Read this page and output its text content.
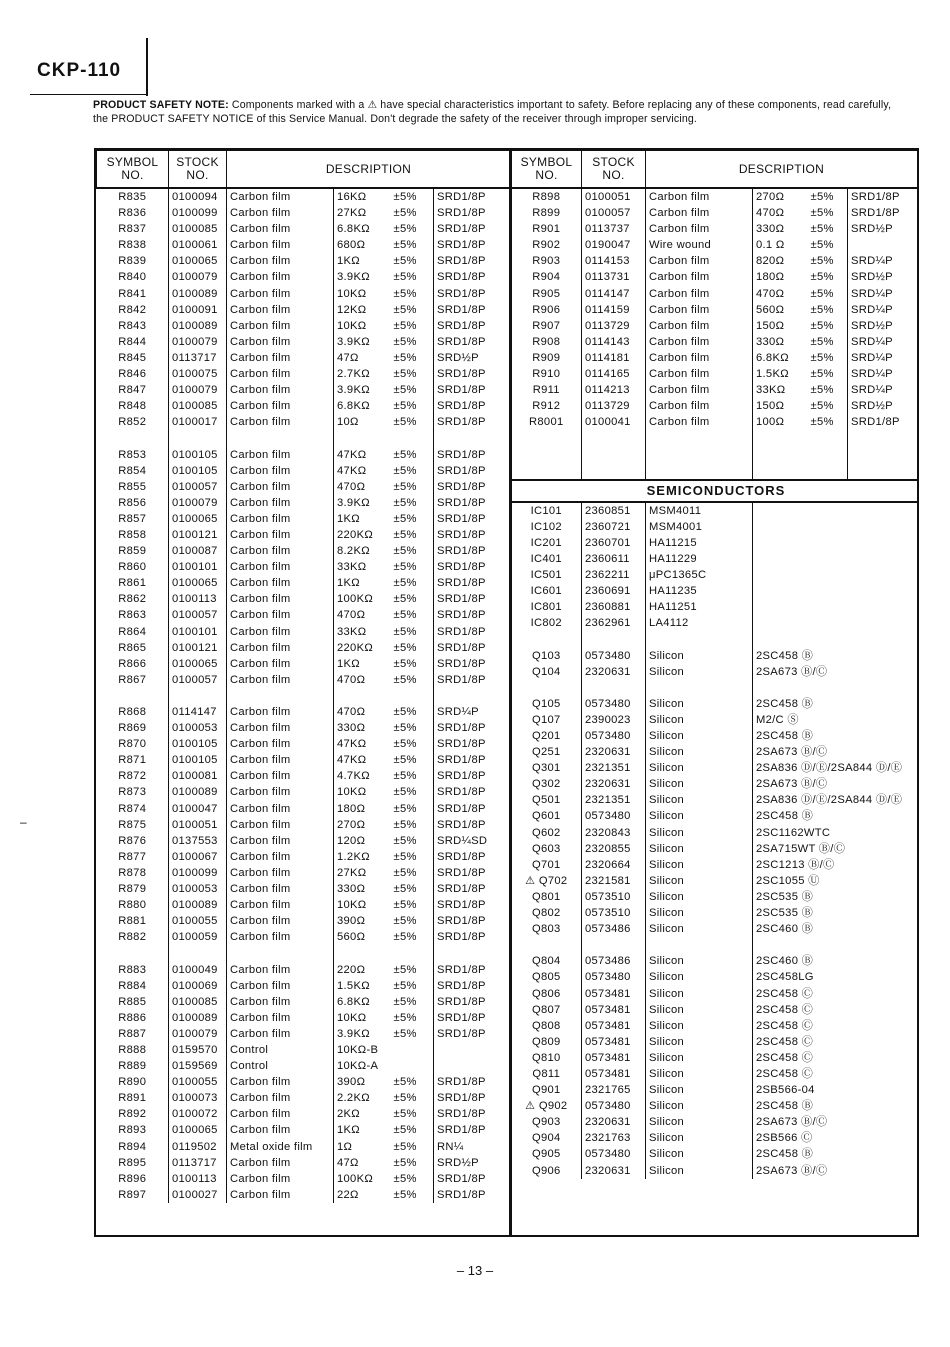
CKP-110
PRODUCT SAFETY NOTE: Components marked with a ⚠ have special characteristics important to safety. Before replacing any of these components, read carefully, the PRODUCT SAFETY NOTICE of this Service Manual. Don't degrade the safety of the receiver through improper servicing.
–
SYMBOL NO.	STOCK NO.	DESCRIPTION			
R835	0100094	Carbon film	16KΩ	±5%	SRD1/8P
R836	0100099	Carbon film	27KΩ	±5%	SRD1/8P
R837	0100085	Carbon film	6.8KΩ	±5%	SRD1/8P
R838	0100061	Carbon film	680Ω	±5%	SRD1/8P
R839	0100065	Carbon film	1KΩ	±5%	SRD1/8P
R840	0100079	Carbon film	3.9KΩ	±5%	SRD1/8P
R841	0100089	Carbon film	10KΩ	±5%	SRD1/8P
R842	0100091	Carbon film	12KΩ	±5%	SRD1/8P
R843	0100089	Carbon film	10KΩ	±5%	SRD1/8P
R844	0100079	Carbon film	3.9KΩ	±5%	SRD1/8P
R845	0113717	Carbon film	47Ω	±5%	SRD½P
R846	0100075	Carbon film	2.7KΩ	±5%	SRD1/8P
R847	0100079	Carbon film	3.9KΩ	±5%	SRD1/8P
R848	0100085	Carbon film	6.8KΩ	±5%	SRD1/8P
R852	0100017	Carbon film	10Ω	±5%	SRD1/8P

R853	0100105	Carbon film	47KΩ	±5%	SRD1/8P
R854	0100105	Carbon film	47KΩ	±5%	SRD1/8P
R855	0100057	Carbon film	470Ω	±5%	SRD1/8P
R856	0100079	Carbon film	3.9KΩ	±5%	SRD1/8P
R857	0100065	Carbon film	1KΩ	±5%	SRD1/8P
R858	0100121	Carbon film	220KΩ	±5%	SRD1/8P
R859	0100087	Carbon film	8.2KΩ	±5%	SRD1/8P
R860	0100101	Carbon film	33KΩ	±5%	SRD1/8P
R861	0100065	Carbon film	1KΩ	±5%	SRD1/8P
R862	0100113	Carbon film	100KΩ	±5%	SRD1/8P
R863	0100057	Carbon film	470Ω	±5%	SRD1/8P
R864	0100101	Carbon film	33KΩ	±5%	SRD1/8P
R865	0100121	Carbon film	220KΩ	±5%	SRD1/8P
R866	0100065	Carbon film	1KΩ	±5%	SRD1/8P
R867	0100057	Carbon film	470Ω	±5%	SRD1/8P

R868	0114147	Carbon film	470Ω	±5%	SRD¼P
R869	0100053	Carbon film	330Ω	±5%	SRD1/8P
R870	0100105	Carbon film	47KΩ	±5%	SRD1/8P
R871	0100105	Carbon film	47KΩ	±5%	SRD1/8P
R872	0100081	Carbon film	4.7KΩ	±5%	SRD1/8P
R873	0100089	Carbon film	10KΩ	±5%	SRD1/8P
R874	0100047	Carbon film	180Ω	±5%	SRD1/8P
R875	0100051	Carbon film	270Ω	±5%	SRD1/8P
R876	0137553	Carbon film	120Ω	±5%	SRD¼SD
R877	0100067	Carbon film	1.2KΩ	±5%	SRD1/8P
R878	0100099	Carbon film	27KΩ	±5%	SRD1/8P
R879	0100053	Carbon film	330Ω	±5%	SRD1/8P
R880	0100089	Carbon film	10KΩ	±5%	SRD1/8P
R881	0100055	Carbon film	390Ω	±5%	SRD1/8P
R882	0100059	Carbon film	560Ω	±5%	SRD1/8P

R883	0100049	Carbon film	220Ω	±5%	SRD1/8P
R884	0100069	Carbon film	1.5KΩ	±5%	SRD1/8P
R885	0100085	Carbon film	6.8KΩ	±5%	SRD1/8P
R886	0100089	Carbon film	10KΩ	±5%	SRD1/8P
R887	0100079	Carbon film	3.9KΩ	±5%	SRD1/8P
R888	0159570	Control	10KΩ-B		
R889	0159569	Control	10KΩ-A		
R890	0100055	Carbon film	390Ω	±5%	SRD1/8P
R891	0100073	Carbon film	2.2KΩ	±5%	SRD1/8P
R892	0100072	Carbon film	2KΩ	±5%	SRD1/8P
R893	0100065	Carbon film	1KΩ	±5%	SRD1/8P
R894	0119502	Metal oxide film	1Ω	±5%	RN¼
R895	0113717	Carbon film	47Ω	±5%	SRD½P
R896	0100113	Carbon film	100KΩ	±5%	SRD1/8P
R897	0100027	Carbon film	22Ω	±5%	SRD1/8P
SYMBOL NO.	STOCK NO.	DESCRIPTION			
R898	0100051	Carbon film	270Ω	±5%	SRD1/8P
R899	0100057	Carbon film	470Ω	±5%	SRD1/8P
R901	0113737	Carbon film	330Ω	±5%	SRD½P
R902	0190047	Wire wound	0.1 Ω	±5%	
R903	0114153	Carbon film	820Ω	±5%	SRD¼P
R904	0113731	Carbon film	180Ω	±5%	SRD½P
R905	0114147	Carbon film	470Ω	±5%	SRD¼P
R906	0114159	Carbon film	560Ω	±5%	SRD¼P
R907	0113729	Carbon film	150Ω	±5%	SRD½P
R908	0114143	Carbon film	330Ω	±5%	SRD¼P
R909	0114181	Carbon film	6.8KΩ	±5%	SRD¼P
R910	0114165	Carbon film	1.5KΩ	±5%	SRD¼P
R911	0114213	Carbon film	33KΩ	±5%	SRD¼P
R912	0113729	Carbon film	150Ω	±5%	SRD½P
R8001	0100041	Carbon film	100Ω	±5%	SRD1/8P

SEMICONDUCTORS					
IC101	2360851	MSM4011			
IC102	2360721	MSM4001			
IC201	2360701	HA11215			
IC401	2360611	HA11229			
IC501	2362211	μPC1365C			
IC601	2360691	HA11235			
IC801	2360881	HA11251			
IC802	2362961	LA4112			

Q103	0573480	Silicon	2SC458 Ⓑ		
Q104	2320631	Silicon	2SA673 Ⓑ/Ⓒ		

Q105	0573480	Silicon	2SC458 Ⓑ		
Q107	2390023	Silicon	M2/C Ⓢ		
Q201	0573480	Silicon	2SC458 Ⓑ		
Q251	2320631	Silicon	2SA673 Ⓑ/Ⓒ		
Q301	2321351	Silicon	2SA836 Ⓓ/Ⓔ/2SA844 Ⓓ/Ⓔ		
Q302	2320631	Silicon	2SA673 Ⓑ/Ⓒ		
Q501	2321351	Silicon	2SA836 Ⓓ/Ⓔ/2SA844 Ⓓ/Ⓔ		
Q601	0573480	Silicon	2SC458 Ⓑ		
Q602	2320843	Silicon	2SC1162WTC		
Q603	2320855	Silicon	2SA715WT Ⓑ/Ⓒ		
Q701	2320664	Silicon	2SC1213 Ⓑ/Ⓒ		
⚠ Q702	2321581	Silicon	2SC1055 Ⓤ		
Q801	0573510	Silicon	2SC535 Ⓑ		
Q802	0573510	Silicon	2SC535 Ⓑ		
Q803	0573486	Silicon	2SC460 Ⓑ		

Q804	0573486	Silicon	2SC460 Ⓑ		
Q805	0573480	Silicon	2SC458LG		
Q806	0573481	Silicon	2SC458 Ⓒ		
Q807	0573481	Silicon	2SC458 Ⓒ		
Q808	0573481	Silicon	2SC458 Ⓒ		
Q809	0573481	Silicon	2SC458 Ⓒ		
Q810	0573481	Silicon	2SC458 Ⓒ		
Q811	0573481	Silicon	2SC458 Ⓒ		
Q901	2321765	Silicon	2SB566-04		
⚠ Q902	0573480	Silicon	2SC458 Ⓑ		
Q903	2320631	Silicon	2SA673 Ⓑ/Ⓒ		
Q904	2321763	Silicon	2SB566 Ⓒ		
Q905	0573480	Silicon	2SC458 Ⓑ		
Q906	2320631	Silicon	2SA673 Ⓑ/Ⓒ		
– 13 –
